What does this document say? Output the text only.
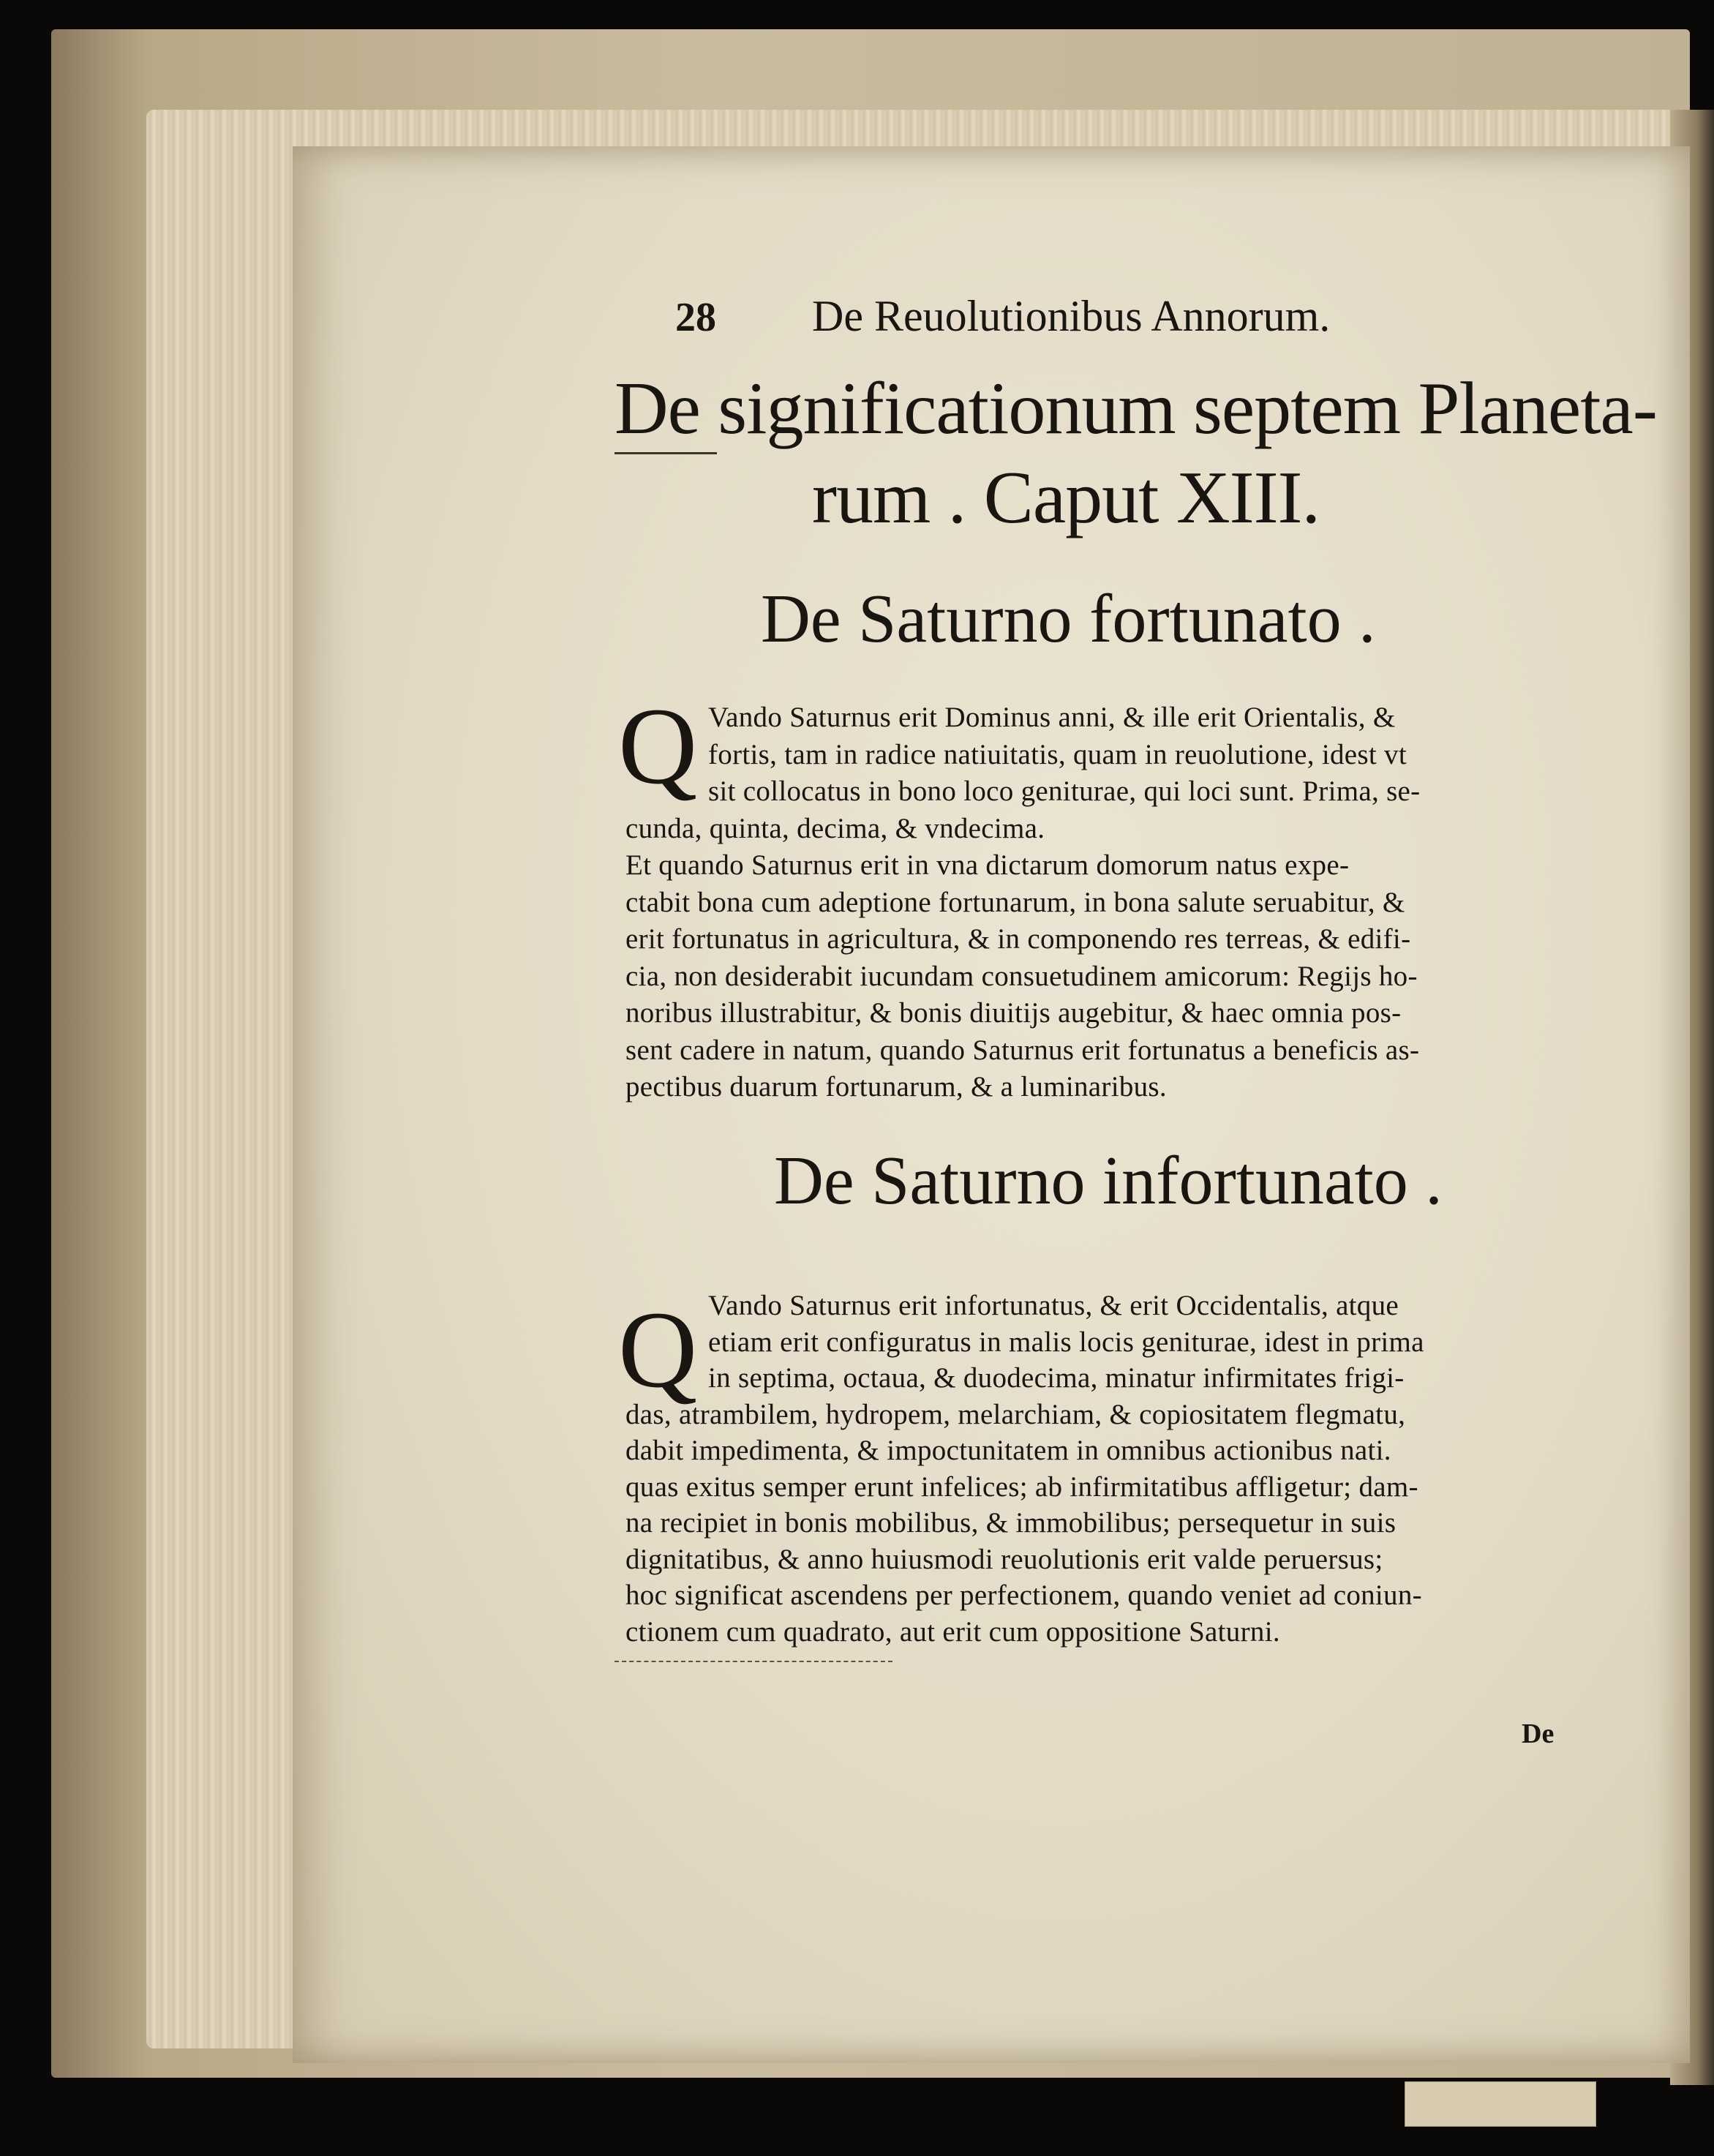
28 De Reuolutionibus Annorum.
De significationum septem Planeta-
rum . Caput XIII.
De Saturno fortunato .
Q Vando Saturnus erit Dominus anni, & ille erit Orientalis, &
fortis, tam in radice natiuitatis, quam in reuolutione, idest vt
sit collocatus in bono loco geniturae, qui loci sunt. Prima, se-
cunda, quinta, decima, & vndecima.
Et quando Saturnus erit in vna dictarum domorum natus expe-
ctabit bona cum adeptione fortunarum, in bona salute seruabitur, &
erit fortunatus in agricultura, & in componendo res terreas, & edifi-
cia, non desiderabit iucundam consuetudinem amicorum: Regijs ho-
noribus illustrabitur, & bonis diuitijs augebitur, & haec omnia pos-
sent cadere in natum, quando Saturnus erit fortunatus a beneficis as-
pectibus duarum fortunarum, & a luminaribus.
De Saturno infortunato .
Q Vando Saturnus erit infortunatus, & erit Occidentalis, atque
etiam erit configuratus in malis locis geniturae, idest in prima
in septima, octaua, & duodecima, minatur infirmitates frigi-
das, atrambilem, hydropem, melarchiam, & copiositatem flegmatu,
dabit impedimenta, & impoctunitatem in omnibus actionibus nati.
quas exitus semper erunt infelices; ab infirmitatibus affligetur; dam-
na recipiet in bonis mobilibus, & immobilibus; persequetur in suis
dignitatibus, & anno huiusmodi reuolutionis erit valde peruersus;
hoc significat ascendens per perfectionem, quando veniet ad coniun-
ctionem cum quadrato, aut erit cum oppositione Saturni.
De
